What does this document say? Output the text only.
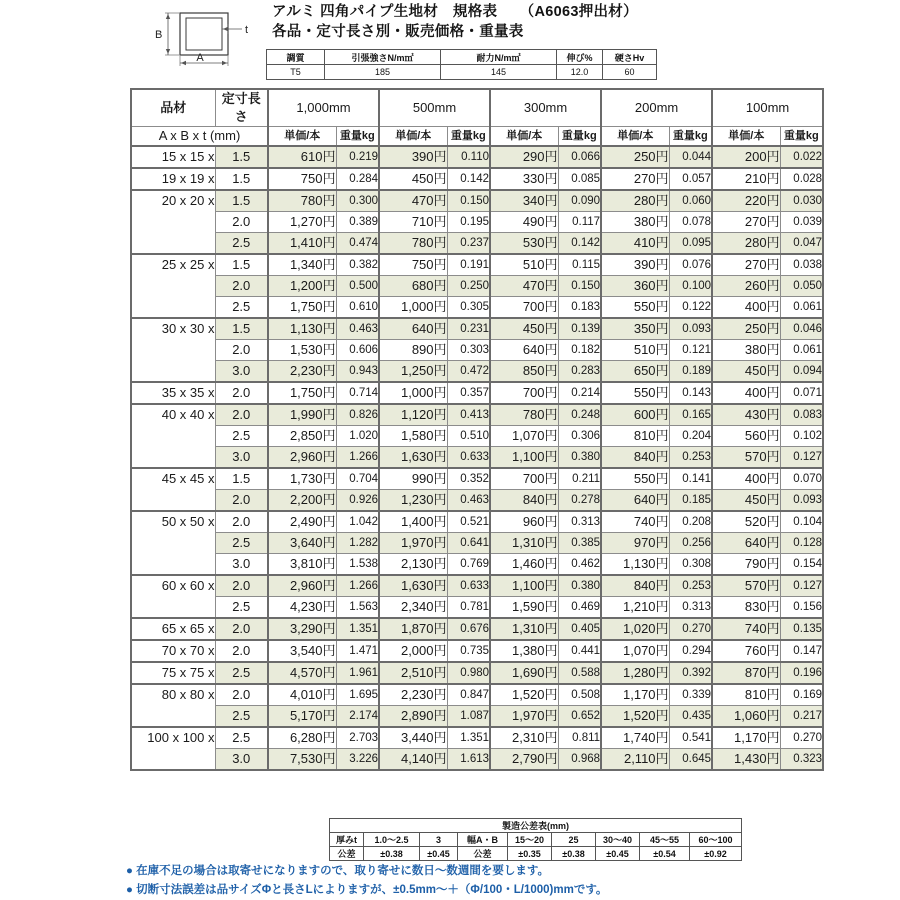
B
A
t
アルミ 四角パイプ生地材　規格表　　（A6063押出材）
各品・定寸長さ別・販売価格・重量表
調質	引張強さN/m㎡	耐力N/m㎡	伸び%	硬さHv
T5	185	145	12.0	60
品材	定寸長さ	1,000mm		500mm		300mm		200mm		100mm	
A x B x t (mm)		単価/本	重量kg	単価/本	重量kg	単価/本	重量kg	単価/本	重量kg	単価/本	重量kg
15 x 15 x	1.5	610円	0.219	390円	0.110	290円	0.066	250円	0.044	200円	0.022
19 x 19 x	1.5	750円	0.284	450円	0.142	330円	0.085	270円	0.057	210円	0.028
20 x 20 x	1.5	780円	0.300	470円	0.150	340円	0.090	280円	0.060	220円	0.030
	2.0	1,270円	0.389	710円	0.195	490円	0.117	380円	0.078	270円	0.039
	2.5	1,410円	0.474	780円	0.237	530円	0.142	410円	0.095	280円	0.047
25 x 25 x	1.5	1,340円	0.382	750円	0.191	510円	0.115	390円	0.076	270円	0.038
	2.0	1,200円	0.500	680円	0.250	470円	0.150	360円	0.100	260円	0.050
	2.5	1,750円	0.610	1,000円	0.305	700円	0.183	550円	0.122	400円	0.061
30 x 30 x	1.5	1,130円	0.463	640円	0.231	450円	0.139	350円	0.093	250円	0.046
	2.0	1,530円	0.606	890円	0.303	640円	0.182	510円	0.121	380円	0.061
	3.0	2,230円	0.943	1,250円	0.472	850円	0.283	650円	0.189	450円	0.094
35 x 35 x	2.0	1,750円	0.714	1,000円	0.357	700円	0.214	550円	0.143	400円	0.071
40 x 40 x	2.0	1,990円	0.826	1,120円	0.413	780円	0.248	600円	0.165	430円	0.083
	2.5	2,850円	1.020	1,580円	0.510	1,070円	0.306	810円	0.204	560円	0.102
	3.0	2,960円	1.266	1,630円	0.633	1,100円	0.380	840円	0.253	570円	0.127
45 x 45 x	1.5	1,730円	0.704	990円	0.352	700円	0.211	550円	0.141	400円	0.070
	2.0	2,200円	0.926	1,230円	0.463	840円	0.278	640円	0.185	450円	0.093
50 x 50 x	2.0	2,490円	1.042	1,400円	0.521	960円	0.313	740円	0.208	520円	0.104
	2.5	3,640円	1.282	1,970円	0.641	1,310円	0.385	970円	0.256	640円	0.128
	3.0	3,810円	1.538	2,130円	0.769	1,460円	0.462	1,130円	0.308	790円	0.154
60 x 60 x	2.0	2,960円	1.266	1,630円	0.633	1,100円	0.380	840円	0.253	570円	0.127
	2.5	4,230円	1.563	2,340円	0.781	1,590円	0.469	1,210円	0.313	830円	0.156
65 x 65 x	2.0	3,290円	1.351	1,870円	0.676	1,310円	0.405	1,020円	0.270	740円	0.135
70 x 70 x	2.0	3,540円	1.471	2,000円	0.735	1,380円	0.441	1,070円	0.294	760円	0.147
75 x 75 x	2.5	4,570円	1.961	2,510円	0.980	1,690円	0.588	1,280円	0.392	870円	0.196
80 x 80 x	2.0	4,010円	1.695	2,230円	0.847	1,520円	0.508	1,170円	0.339	810円	0.169
	2.5	5,170円	2.174	2,890円	1.087	1,970円	0.652	1,520円	0.435	1,060円	0.217
100 x 100 x	2.5	6,280円	2.703	3,440円	1.351	2,310円	0.811	1,740円	0.541	1,170円	0.270
	3.0	7,530円	3.226	4,140円	1.613	2,790円	0.968	2,110円	0.645	1,430円	0.323
製造公差表(mm)								
厚みt	1.0～2.5	3	幅A・B	15～20	25	30～40	45～55	60～100
公差	±0.38	±0.45	公差	±0.35	±0.38	±0.45	±0.54	±0.92
● 在庫不足の場合は取寄せになりますので、取り寄せに数日～数週間を要します。
● 切断寸法誤差は品サイズΦと長さLによりますが、±0.5mm～＋（Φ/100・L/1000)mmです。
